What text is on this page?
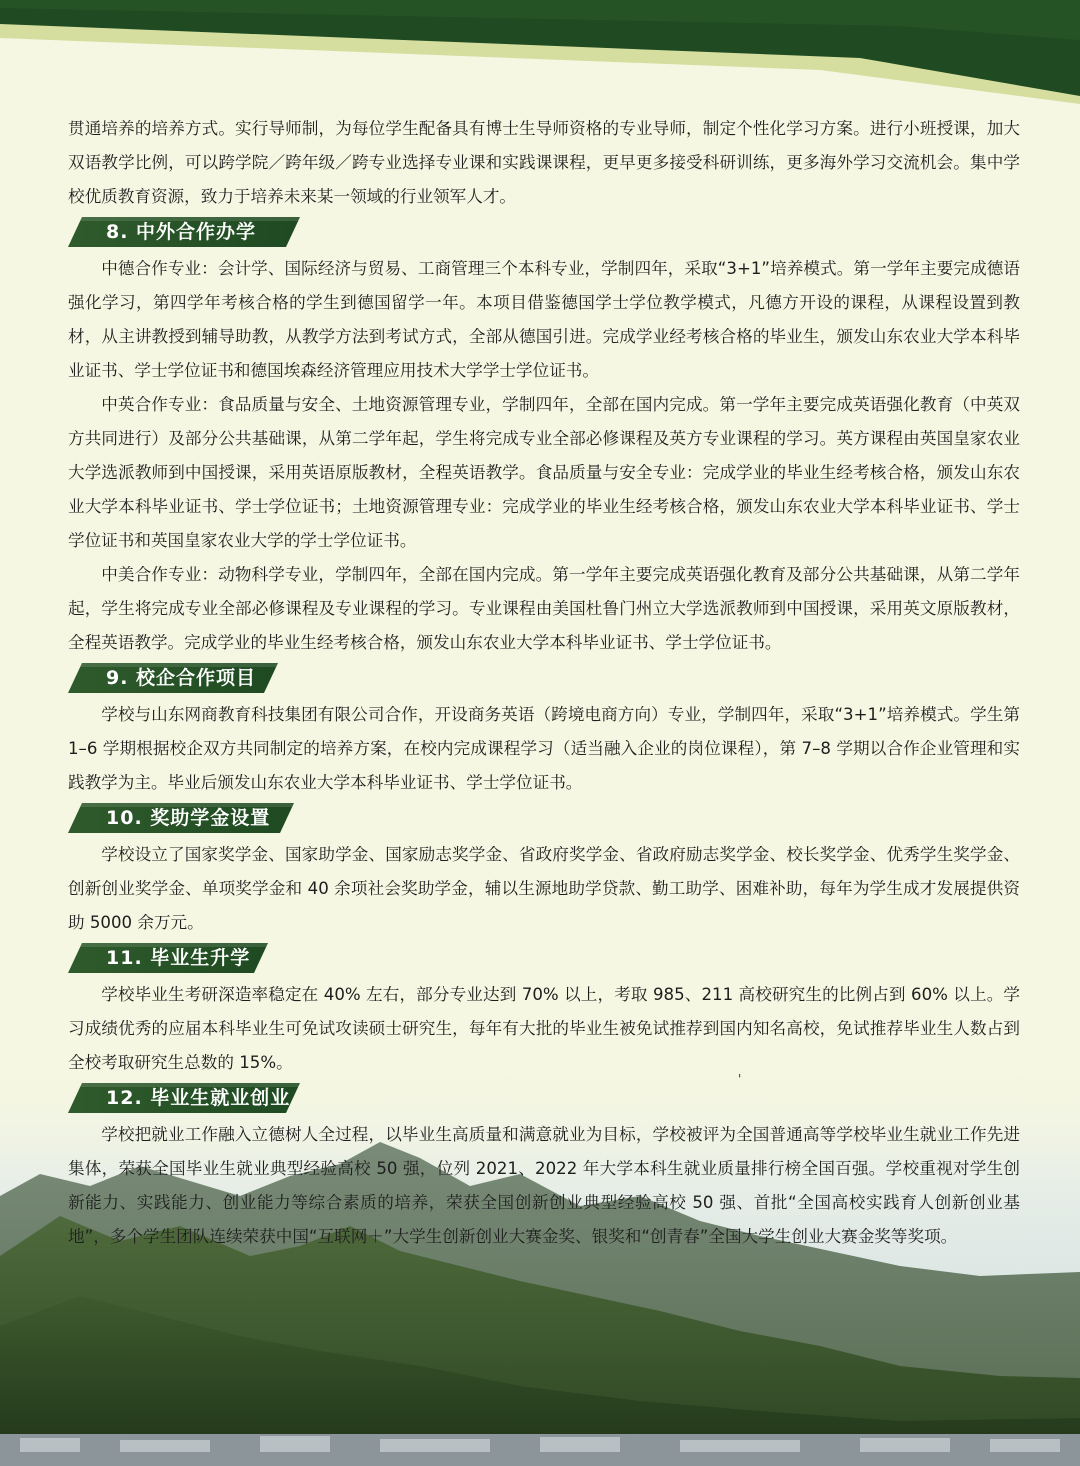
贯通培养的培养方式。实行导师制，为每位学生配备具有博士生导师资格的专业导师，制定个性化学习方案。进行小班授课，加大双语教学比例，可以跨学院／跨年级／跨专业选择专业课和实践课课程，更早更多接受科研训练，更多海外学习交流机会。集中学校优质教育资源，致力于培养未来某一领域的行业领军人才。

8. 中外合作办学

中德合作专业：会计学、国际经济与贸易、工商管理三个本科专业，学制四年，采取“3+1”培养模式。第一学年主要完成德语强化学习，第四学年考核合格的学生到德国留学一年。本项目借鉴德国学士学位教学模式，凡德方开设的课程，从课程设置到教材，从主讲教授到辅导助教，从教学方法到考试方式，全部从德国引进。完成学业经考核合格的毕业生，颁发山东农业大学本科毕业证书、学士学位证书和德国埃森经济管理应用技术大学学士学位证书。

中英合作专业：食品质量与安全、土地资源管理专业，学制四年，全部在国内完成。第一学年主要完成英语强化教育（中英双方共同进行）及部分公共基础课，从第二学年起，学生将完成专业全部必修课程及英方专业课程的学习。英方课程由英国皇家农业大学选派教师到中国授课，采用英语原版教材，全程英语教学。食品质量与安全专业：完成学业的毕业生经考核合格，颁发山东农业大学本科毕业证书、学士学位证书；土地资源管理专业：完成学业的毕业生经考核合格，颁发山东农业大学本科毕业证书、学士学位证书和英国皇家农业大学的学士学位证书。

中美合作专业：动物科学专业，学制四年，全部在国内完成。第一学年主要完成英语强化教育及部分公共基础课，从第二学年起，学生将完成专业全部必修课程及专业课程的学习。专业课程由美国杜鲁门州立大学选派教师到中国授课，采用英文原版教材，全程英语教学。完成学业的毕业生经考核合格，颁发山东农业大学本科毕业证书、学士学位证书。

9. 校企合作项目

学校与山东网商教育科技集团有限公司合作，开设商务英语（跨境电商方向）专业，学制四年，采取“3+1”培养模式。学生第 1–6 学期根据校企双方共同制定的培养方案，在校内完成课程学习（适当融入企业的岗位课程），第 7–8 学期以合作企业管理和实践教学为主。毕业后颁发山东农业大学本科毕业证书、学士学位证书。

10. 奖助学金设置

学校设立了国家奖学金、国家助学金、国家励志奖学金、省政府奖学金、省政府励志奖学金、校长奖学金、优秀学生奖学金、创新创业奖学金、单项奖学金和 40 余项社会奖助学金，辅以生源地助学贷款、勤工助学、困难补助，每年为学生成才发展提供资助 5000 余万元。

11. 毕业生升学

学校毕业生考研深造率稳定在 40% 左右，部分专业达到 70% 以上，考取 985、211 高校研究生的比例占到 60% 以上。学习成绩优秀的应届本科毕业生可免试攻读硕士研究生，每年有大批的毕业生被免试推荐到国内知名高校，免试推荐毕业生人数占到全校考取研究生总数的 15%。

12. 毕业生就业创业

学校把就业工作融入立德树人全过程，以毕业生高质量和满意就业为目标，学校被评为全国普通高等学校毕业生就业工作先进集体，荣获全国毕业生就业典型经验高校 50 强，位列 2021、2022 年大学本科生就业质量排行榜全国百强。学校重视对学生创新能力、实践能力、创业能力等综合素质的培养，荣获全国创新创业典型经验高校 50 强、首批“全国高校实践育人创新创业基地”，多个学生团队连续荣获中国“互联网＋”大学生创新创业大赛金奖、银奖和“创青春”全国大学生创业大赛金奖等奖项。

'
